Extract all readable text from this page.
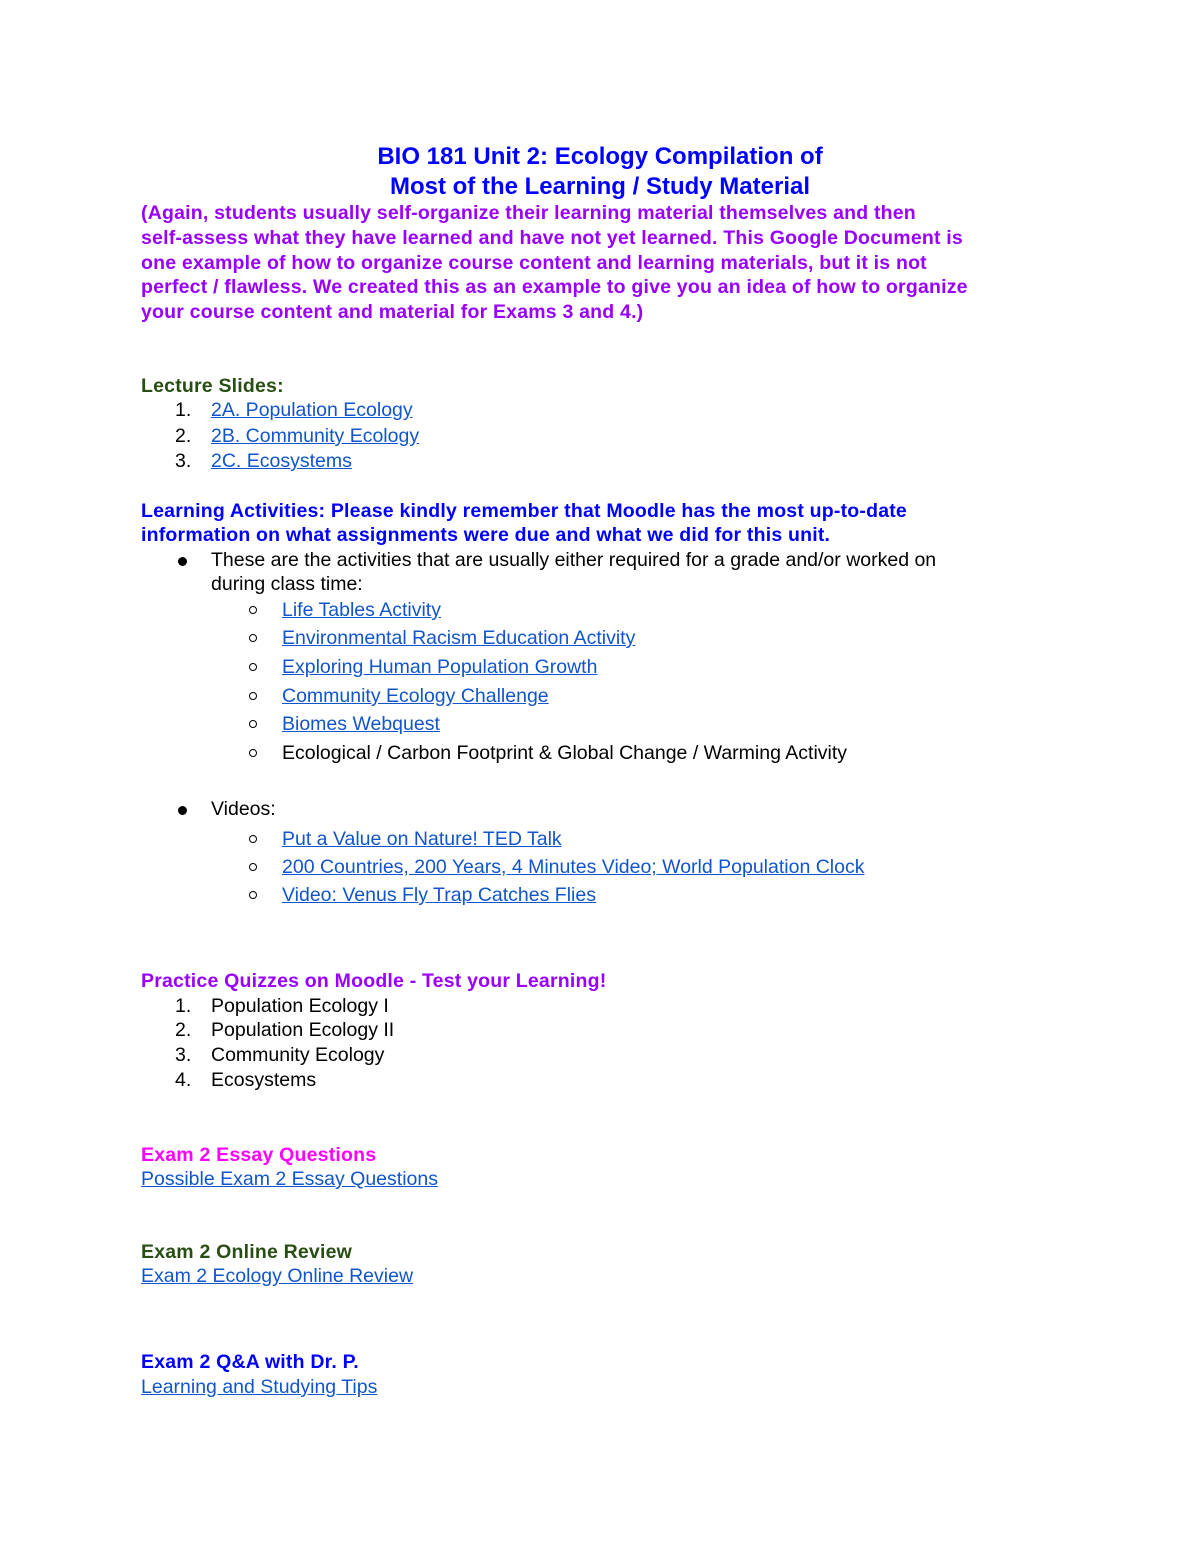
BIO 181 Unit 2: Ecology Compilation of
Most of the Learning / Study Material
(Again, students usually self-organize their learning material themselves and then
self-assess what they have learned and have not yet learned. This Google Document is
one example of how to organize course content and learning materials, but it is not
perfect / flawless. We created this as an example to give you an idea of how to organize
your course content and material for Exams 3 and 4.)
Lecture Slides:
1.	2A. Population Ecology
2.	2B. Community Ecology
3.	2C. Ecosystems
Learning Activities: Please kindly remember that Moodle has the most up-to-date
information on what assignments were due and what we did for this unit.
These are the activities that are usually either required for a grade and/or worked on
during class time:
Life Tables Activity
Environmental Racism Education Activity
Exploring Human Population Growth
Community Ecology Challenge
Biomes Webquest
Ecological / Carbon Footprint & Global Change / Warming Activity
Videos:
Put a Value on Nature! TED Talk
200 Countries, 200 Years, 4 Minutes Video; World Population Clock
Video: Venus Fly Trap Catches Flies
Practice Quizzes on Moodle - Test your Learning!
1.	Population Ecology I
2.	Population Ecology II
3.	Community Ecology
4.	Ecosystems
Exam 2 Essay Questions
Possible Exam 2 Essay Questions
Exam 2 Online Review
Exam 2 Ecology Online Review
Exam 2 Q&A with Dr. P.
Learning and Studying Tips
